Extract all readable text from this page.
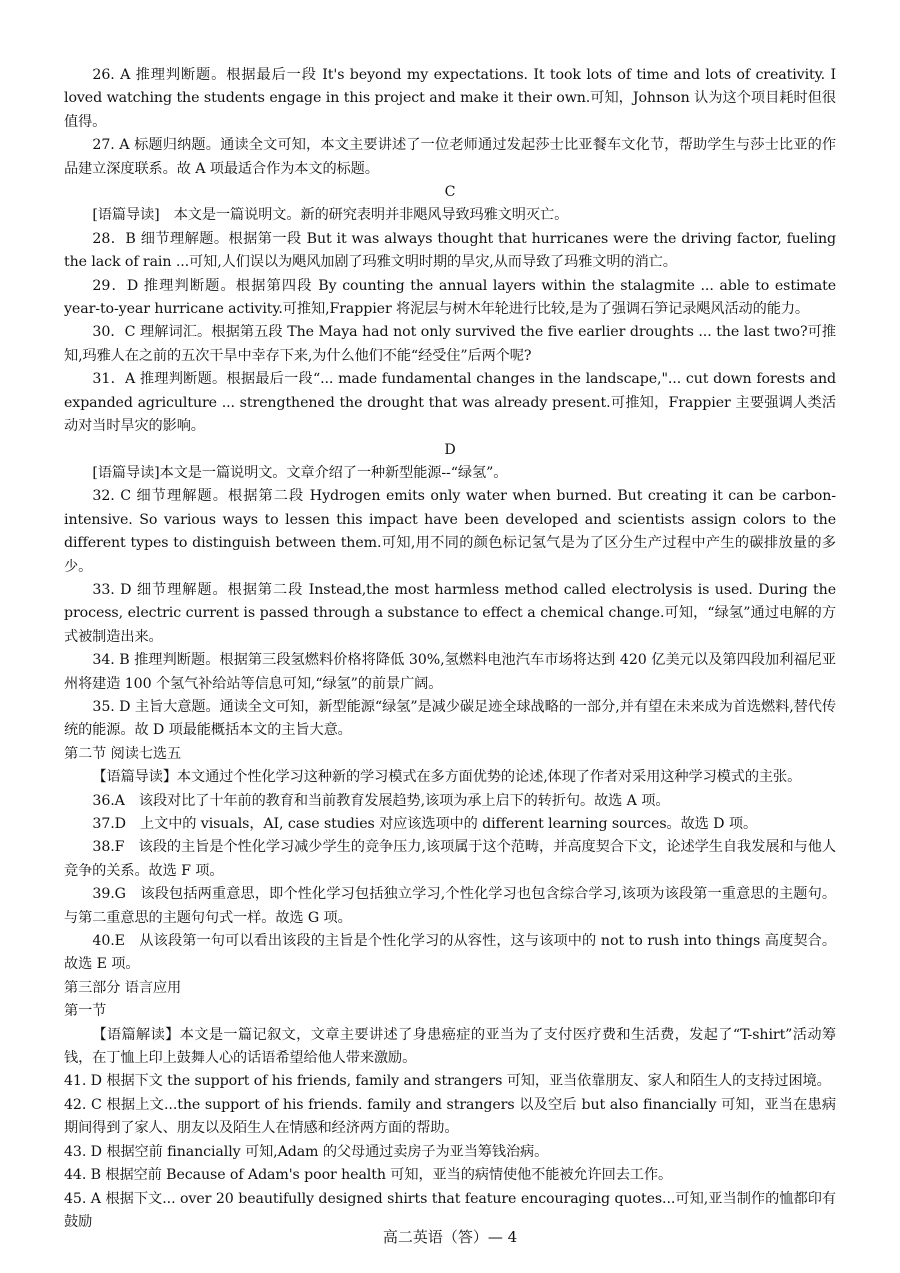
26. A 推理判断题。根据最后一段 It's beyond my expectations. It took lots of time and lots of creativity. I loved watching the students engage in this project and make it their own.可知，Johnson 认为这个项目耗时但很值得。

27. A 标题归纳题。通读全文可知，本文主要讲述了一位老师通过发起莎士比亚餐车文化节，帮助学生与莎士比亚的作品建立深度联系。故 A 项最适合作为本文的标题。

C

[语篇导读]　本文是一篇说明文。新的研究表明并非飓风导致玛雅文明灭亡。

28．B 细节理解题。根据第一段 But it was always thought that hurricanes were the driving factor, fueling the lack of rain ...可知,人们误以为飓风加剧了玛雅文明时期的旱灾,从而导致了玛雅文明的消亡。

29．D 推理判断题。根据第四段 By counting the annual layers within the stalagmite ... able to estimate year-to-year hurricane activity.可推知,Frappier 将泥层与树木年轮进行比较,是为了强调石笋记录飓风活动的能力。

30．C 理解词汇。根据第五段 The Maya had not only survived the five earlier droughts ... the last two?可推知,玛雅人在之前的五次干旱中幸存下来,为什么他们不能“经受住”后两个呢?

31．A 推理判断题。根据最后一段“... made fundamental changes in the landscape,"... cut down forests and expanded agriculture ... strengthened the drought that was already present.可推知，Frappier 主要强调人类活动对当时旱灾的影响。

D

[语篇导读]本文是一篇说明文。文章介绍了一种新型能源--“绿氢”。

32. C 细节理解题。根据第二段 Hydrogen emits only water when burned. But creating it can be carbon-intensive. So various ways to lessen this impact have been developed and scientists assign colors to the different types to distinguish between them.可知,用不同的颜色标记氢气是为了区分生产过程中产生的碳排放量的多少。

33. D 细节理解题。根据第二段 Instead,the most harmless method called electrolysis is used. During the process, electric current is passed through a substance to effect a chemical change.可知，“绿氢”通过电解的方式被制造出来。

34. B 推理判断题。根据第三段氢燃料价格将降低 30%,氢燃料电池汽车市场将达到 420 亿美元以及第四段加利福尼亚州将建造 100 个氢气补给站等信息可知,“绿氢”的前景广阔。

35. D 主旨大意题。通读全文可知，新型能源“绿氢”是减少碳足迹全球战略的一部分,并有望在未来成为首选燃料,替代传统的能源。故 D 项最能概括本文的主旨大意。

第二节 阅读七选五

【语篇导读】本文通过个性化学习这种新的学习模式在多方面优势的论述,体现了作者对采用这种学习模式的主张。

36.A　该段对比了十年前的教育和当前教育发展趋势,该项为承上启下的转折句。故选 A 项。

37.D　上文中的 visuals，AI, case studies 对应该选项中的 different learning sources。故选 D 项。

38.F　该段的主旨是个性化学习减少学生的竞争压力,该项属于这个范畴，并高度契合下文，论述学生自我发展和与他人竞争的关系。故选 F 项。

39.G　该段包括两重意思，即个性化学习包括独立学习,个性化学习也包含综合学习,该项为该段第一重意思的主题句。与第二重意思的主题句句式一样。故选 G 项。

40.E　从该段第一句可以看出该段的主旨是个性化学习的从容性，这与该项中的 not to rush into things 高度契合。故选 E 项。

第三部分 语言应用

第一节

【语篇解读】本文是一篇记叙文，文章主要讲述了身患癌症的亚当为了支付医疗费和生活费，发起了“T-shirt”活动筹钱，在丁恤上印上鼓舞人心的话语希望给他人带来激励。

41. D 根据下文 the support of his friends, family and strangers 可知，亚当依靠朋友、家人和陌生人的支持过困境。

42. C 根据上文...the support of his friends. family and strangers 以及空后 but also financially 可知，亚当在患病期间得到了家人、朋友以及陌生人在情感和经济两方面的帮助。

43. D 根据空前 financially 可知,Adam 的父母通过卖房子为亚当筹钱治病。

44. B 根据空前 Because of Adam's poor health 可知，亚当的病情使他不能被允许回去工作。

45. A 根据下文... over 20 beautifully designed shirts that feature encouraging quotes...可知,亚当制作的恤都印有鼓励

高二英语（答）— 4
